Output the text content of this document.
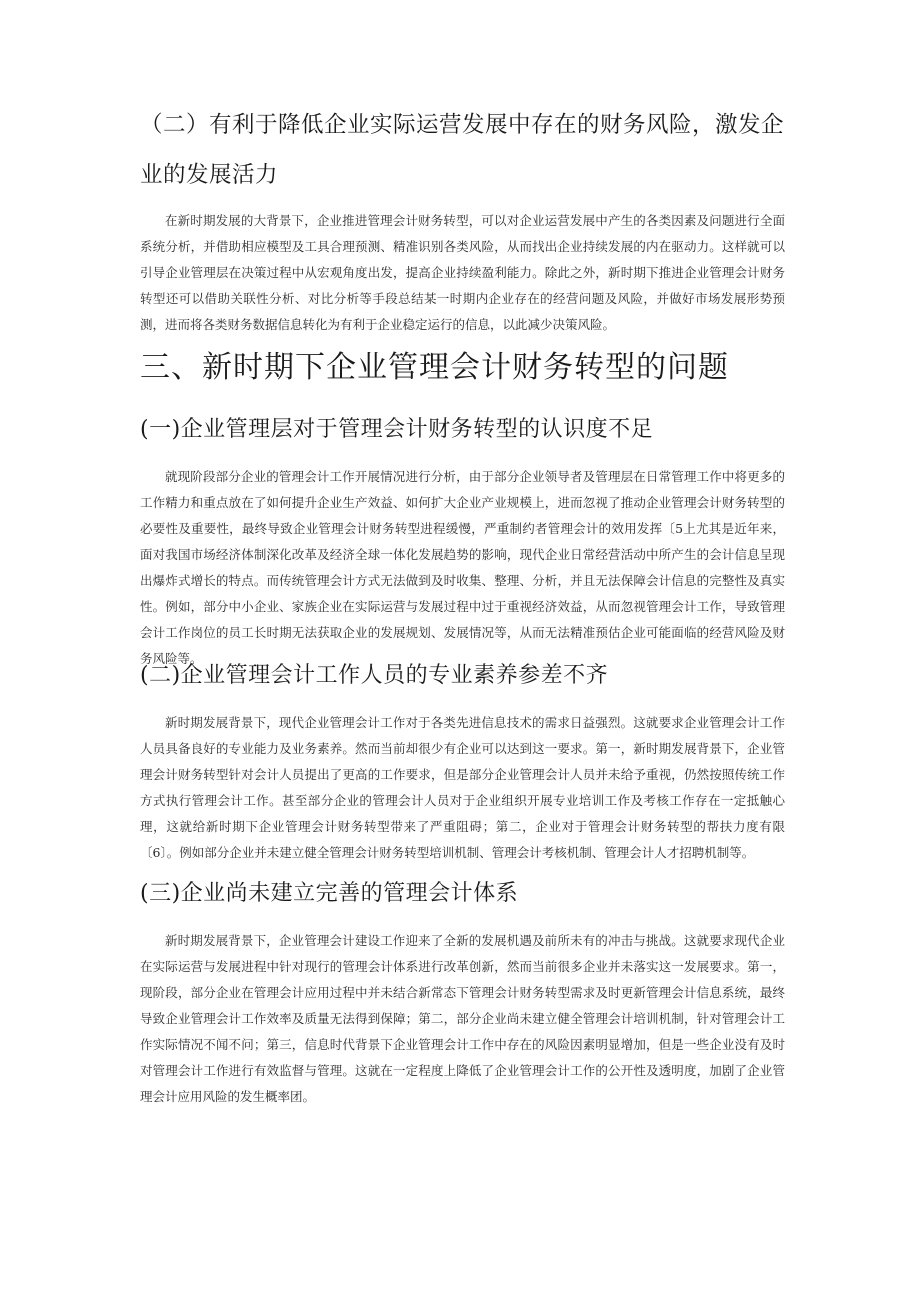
（二）有利于降低企业实际运营发展中存在的财务风险，激发企业的发展活力

在新时期发展的大背景下，企业推进管理会计财务转型，可以对企业运营发展中产生的各类因素及问题进行全面系统分析，并借助相应模型及工具合理预测、精准识别各类风险，从而找出企业持续发展的内在驱动力。这样就可以引导企业管理层在决策过程中从宏观角度出发，提高企业持续盈利能力。除此之外，新时期下推进企业管理会计财务转型还可以借助关联性分析、对比分析等手段总结某一时期内企业存在的经营问题及风险，并做好市场发展形势预测，进而将各类财务数据信息转化为有利于企业稳定运行的信息，以此减少决策风险。

三、新时期下企业管理会计财务转型的问题
(一)企业管理层对于管理会计财务转型的认识度不足

就现阶段部分企业的管理会计工作开展情况进行分析，由于部分企业领导者及管理层在日常管理工作中将更多的工作精力和重点放在了如何提升企业生产效益、如何扩大企业产业规模上，进而忽视了推动企业管理会计财务转型的必要性及重要性，最终导致企业管理会计财务转型进程缓慢，严重制约者管理会计的效用发挥〔5上尤其是近年来，面对我国市场经济体制深化改革及经济全球一体化发展趋势的影响，现代企业日常经营活动中所产生的会计信息呈现出爆炸式增长的特点。而传统管理会计方式无法做到及时收集、整理、分析，并且无法保障会计信息的完整性及真实性。例如，部分中小企业、家族企业在实际运营与发展过程中过于重视经济效益，从而忽视管理会计工作，导致管理会计工作岗位的员工长时期无法获取企业的发展规划、发展情况等，从而无法精准预估企业可能面临的经营风险及财务风险等。

(二)企业管理会计工作人员的专业素养参差不齐

新时期发展背景下，现代企业管理会计工作对于各类先进信息技术的需求日益强烈。这就要求企业管理会计工作人员具备良好的专业能力及业务素养。然而当前却很少有企业可以达到这一要求。第一，新时期发展背景下，企业管理会计财务转型针对会计人员提出了更高的工作要求，但是部分企业管理会计人员并未给予重视，仍然按照传统工作方式执行管理会计工作。甚至部分企业的管理会计人员对于企业组织开展专业培训工作及考核工作存在一定抵触心理，这就给新时期下企业管理会计财务转型带来了严重阻碍；第二，企业对于管理会计财务转型的帮扶力度有限〔6〕。例如部分企业并未建立健全管理会计财务转型培训机制、管理会计考核机制、管理会计人才招聘机制等。

(三)企业尚未建立完善的管理会计体系

新时期发展背景下，企业管理会计建设工作迎来了全新的发展机遇及前所未有的冲击与挑战。这就要求现代企业在实际运营与发展进程中针对现行的管理会计体系进行改革创新，然而当前很多企业并未落实这一发展要求。第一，现阶段，部分企业在管理会计应用过程中并未结合新常态下管理会计财务转型需求及时更新管理会计信息系统，最终导致企业管理会计工作效率及质量无法得到保障；第二，部分企业尚未建立健全管理会计培训机制，针对管理会计工作实际情况不闻不问；第三，信息时代背景下企业管理会计工作中存在的风险因素明显增加，但是一些企业没有及时对管理会计工作进行有效监督与管理。这就在一定程度上降低了企业管理会计工作的公开性及透明度，加剧了企业管理会计应用风险的发生概率团。
